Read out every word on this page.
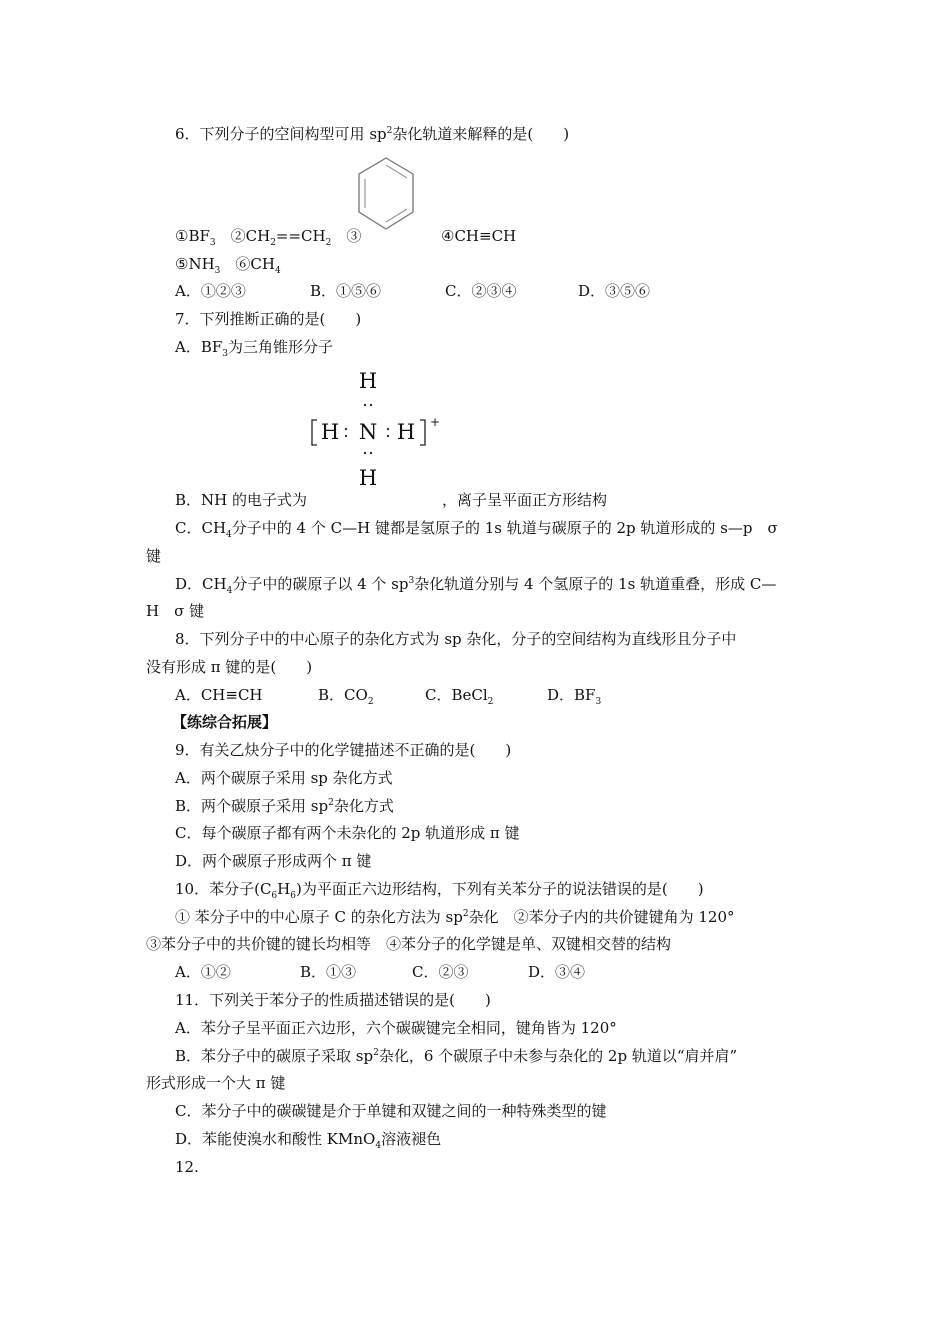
6．下列分子的空间构型可用 $sp^2$杂化轨道来解释的是(　　)
$①BF_3$　$②CH_2==CH_2$　③	④CH≡CH
$⑤NH_3$　$⑥CH_4$
A．①②③	B．①⑤⑥	C．②③④	D．③⑤⑥
7．下列推断正确的是(　　)
A．$BF_3$为三角锥形分子
H
H N H +
H
B．NH 的电子式为	，离子呈平面正方形结构
C．$CH_4$分子中的 4 个 C—H 键都是氢原子的 1s 轨道与碳原子的 2p 轨道形成的 s—p　σ
键
D．$CH_4$分子中的碳原子以 4 个 $sp^3$杂化轨道分别与 4 个氢原子的 1s 轨道重叠，形成 C—
H　σ 键
8．下列分子中的中心原子的杂化方式为 sp 杂化，分子的空间结构为直线形且分子中
没有形成 π 键的是(　　)
A．CH≡CH	B．$CO_2$	C．BeCl$_2$	D．$BF_3$
【练综合拓展】
9．有关乙炔分子中的化学键描述不正确的是(　　)
A．两个碳原子采用 sp 杂化方式
B．两个碳原子采用 $sp^2$杂化方式
C．每个碳原子都有两个未杂化的 2p 轨道形成 π 键
D．两个碳原子形成两个 π 键
10．苯分子$(C_6H_6)$为平面正六边形结构，下列有关苯分子的说法错误的是(　　)
① 苯分子中的中心原子 C 的杂化方法为 $sp^2$杂化　②苯分子内的共价键键角为 120°
③苯分子中的共价键的键长均相等　④苯分子的化学键是单、双键相交替的结构
A．①②	B．①③	C．②③	D．③④
11．下列关于苯分子的性质描述错误的是(　　)
A．苯分子呈平面正六边形，六个碳碳键完全相同，键角皆为 120°
B．苯分子中的碳原子采取 $sp^2$杂化，6 个碳原子中未参与杂化的 2p 轨道以“肩并肩”
形式形成一个大 π 键
C．苯分子中的碳碳键是介于单键和双键之间的一种特殊类型的键
D．苯能使溴水和酸性 KMnO$_4$溶液褪色
12.
